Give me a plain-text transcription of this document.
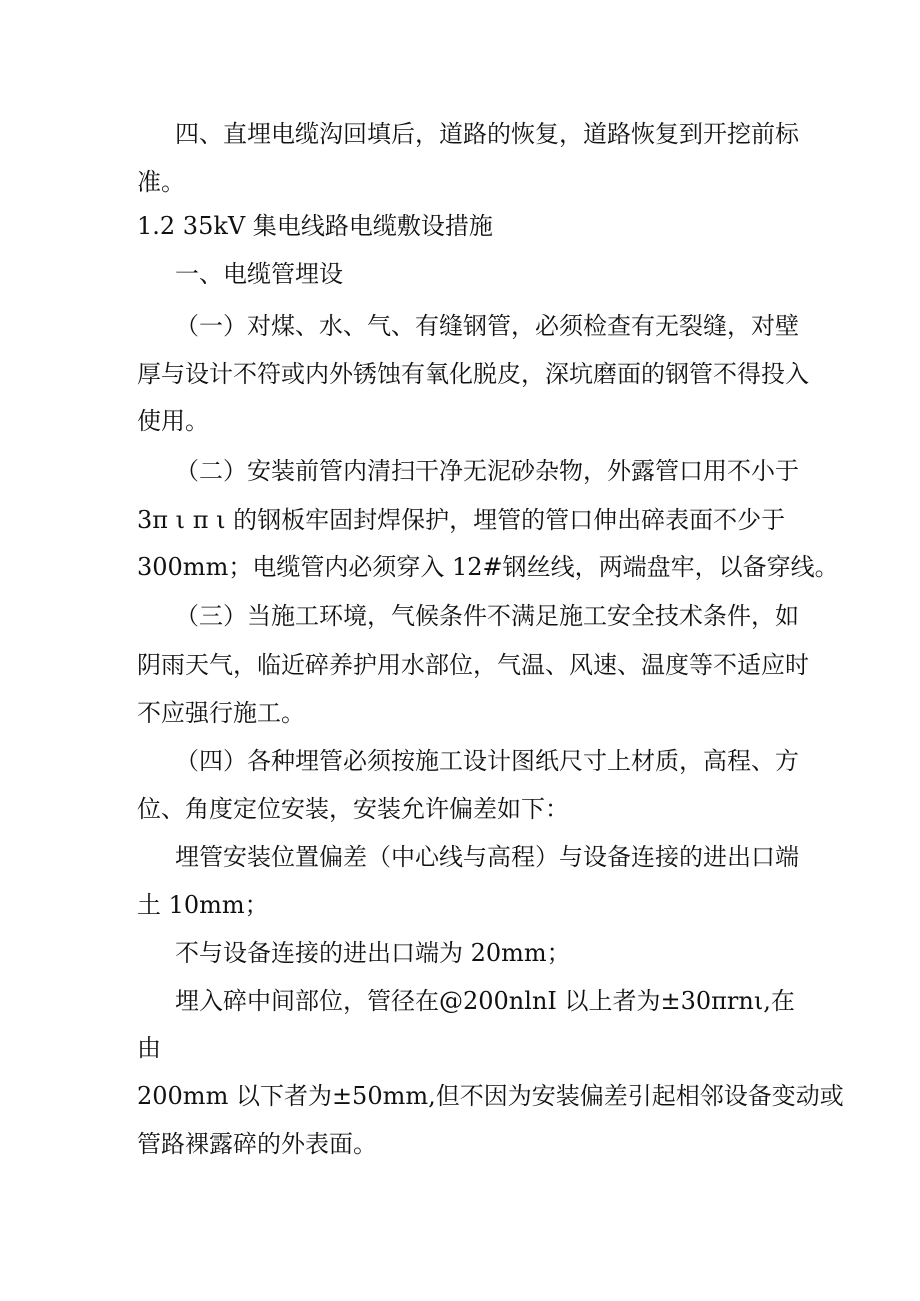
四、直埋电缆沟回填后，道路的恢复，道路恢复到开挖前标
准。
1.2 35kV 集电线路电缆敷设措施
一、电缆管埋设
（一）对煤、水、气、有缝钢管，必须检查有无裂缝，对壁
厚与设计不符或内外锈蚀有氧化脱皮，深坑磨面的钢管不得投入
使用。
（二）安装前管内清扫干净无泥砂杂物，外露管口用不小于
3π ι π ι 的钢板牢固封焊保护，埋管的管口伸出碎表面不少于
300mm；电缆管内必须穿入 12#钢丝线，两端盘牢，以备穿线。
（三）当施工环境，气候条件不满足施工安全技术条件，如
阴雨天气，临近碎养护用水部位，气温、风速、温度等不适应时
不应强行施工。
（四）各种埋管必须按施工设计图纸尺寸上材质，高程、方
位、角度定位安装，安装允许偏差如下：
埋管安装位置偏差（中心线与高程）与设备连接的进出口端
土 10mm；
不与设备连接的进出口端为 20mm；
埋入碎中间部位，管径在@200nlnI 以上者为±30πrnι,在
由
200mm 以下者为±50mm,但不因为安装偏差引起相邻设备变动或
管路裸露碎的外表面。
